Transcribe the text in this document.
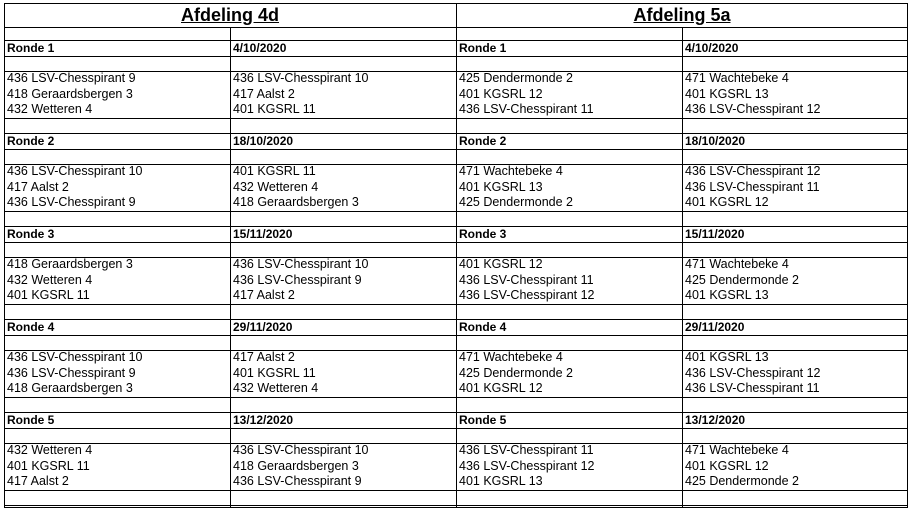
Afdeling 4d	Afdeling 5a
Ronde 1	4/10/2020	Ronde 1	4/10/2020
436 LSV-Chesspirant 9	436 LSV-Chesspirant 10	425 Dendermonde 2	471 Wachtebeke 4
418 Geraardsbergen 3	417 Aalst 2	401 KGSRL 12	401 KGSRL 13
432 Wetteren 4	401 KGSRL 11	436 LSV-Chesspirant 11	436 LSV-Chesspirant 12
Ronde 2	18/10/2020	Ronde 2	18/10/2020
436 LSV-Chesspirant 10	401 KGSRL 11	471 Wachtebeke 4	436 LSV-Chesspirant 12
417 Aalst 2	432 Wetteren 4	401 KGSRL 13	436 LSV-Chesspirant 11
436 LSV-Chesspirant 9	418 Geraardsbergen 3	425 Dendermonde 2	401 KGSRL 12
Ronde 3	15/11/2020	Ronde 3	15/11/2020
418 Geraardsbergen 3	436 LSV-Chesspirant 10	401 KGSRL 12	471 Wachtebeke 4
432 Wetteren 4	436 LSV-Chesspirant 9	436 LSV-Chesspirant 11	425 Dendermonde 2
401 KGSRL 11	417 Aalst 2	436 LSV-Chesspirant 12	401 KGSRL 13
Ronde 4	29/11/2020	Ronde 4	29/11/2020
436 LSV-Chesspirant 10	417 Aalst 2	471 Wachtebeke 4	401 KGSRL 13
436 LSV-Chesspirant 9	401 KGSRL 11	425 Dendermonde 2	436 LSV-Chesspirant 12
418 Geraardsbergen 3	432 Wetteren 4	401 KGSRL 12	436 LSV-Chesspirant 11
Ronde 5	13/12/2020	Ronde 5	13/12/2020
432 Wetteren 4	436 LSV-Chesspirant 10	436 LSV-Chesspirant 11	471 Wachtebeke 4
401 KGSRL 11	418 Geraardsbergen 3	436 LSV-Chesspirant 12	401 KGSRL 12
417 Aalst 2	436 LSV-Chesspirant 9	401 KGSRL 13	425 Dendermonde 2
